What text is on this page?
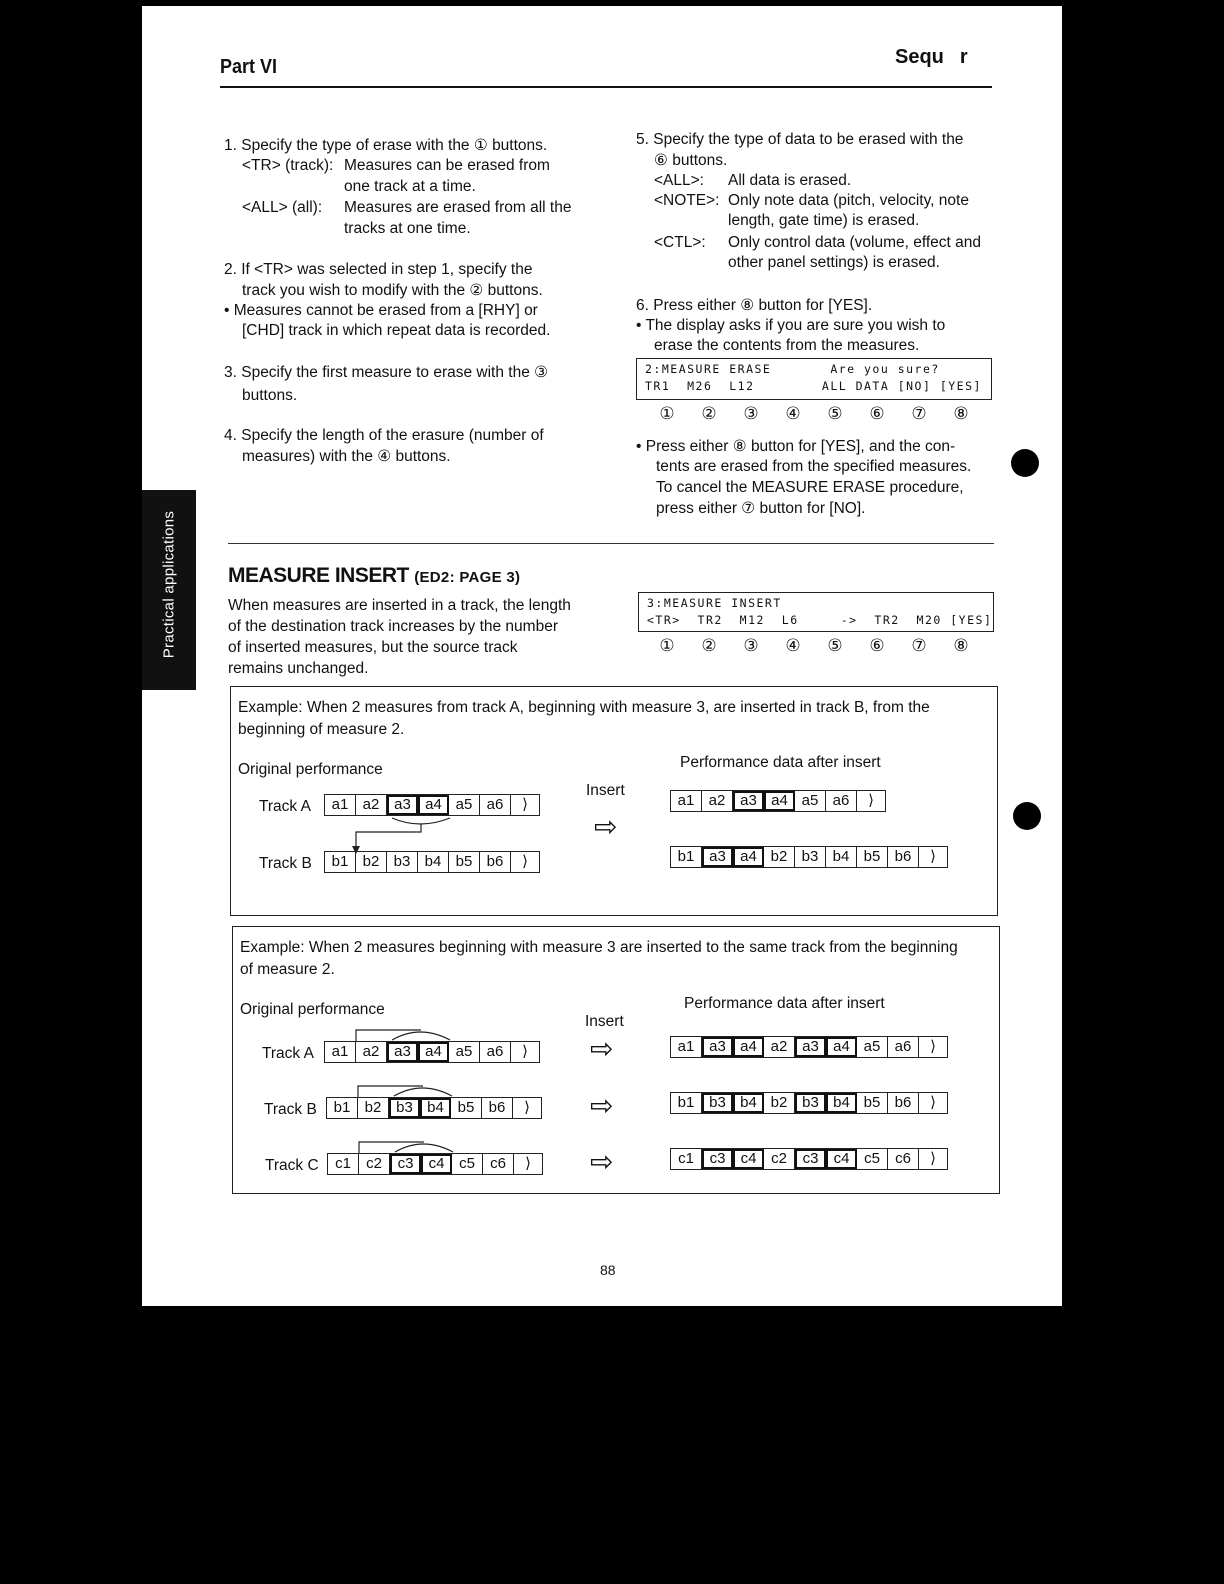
Practical applications
Part VI	Sequ r
1. Specify the type of erase with the ① buttons.
<TR> (track): Measures can be erased from
one track at a time.
<ALL> (all): Measures are erased from all the
tracks at one time.
2. If <TR> was selected in step 1, specify the
track you wish to modify with the ② buttons.
• Measures cannot be erased from a [RHY] or
[CHD] track in which repeat data is recorded.
3. Specify the first measure to erase with the ③
buttons.
4. Specify the length of the erasure (number of
measures) with the ④ buttons.
5. Specify the type of data to be erased with the
⑥ buttons.
<ALL>: All data is erased.
<NOTE>: Only note data (pitch, velocity, note
length, gate time) is erased.
<CTL>: Only control data (volume, effect and
other panel settings) is erased.
6. Press either ⑧ button for [YES].
• The display asks if you are sure you wish to
erase the contents from the measures.
2:MEASURE ERASE       Are you sure?
TR1  M26  L12        ALL DATA [NO] [YES]
①	②	③	④	⑤	⑥	⑦	⑧
• Press either ⑧ button for [YES], and the con-
tents are erased from the specified measures.
To cancel the MEASURE ERASE procedure,
press either ⑦ button for [NO].
MEASURE INSERT (ED2: PAGE 3)
When measures are inserted in a track, the length
of the destination track increases by the number
of inserted measures, but the source track
remains unchanged.
3:MEASURE INSERT
<TR>  TR2  M12  L6     ->  TR2  M20 [YES]
①	②	③	④	⑤	⑥	⑦	⑧
Example: When 2 measures from track A, beginning with measure 3, are inserted in track B, from the
beginning of measure 2.
Original performance	Performance data after insert
Insert
⇨
Track A
Track B
a1 a2 a3 a4 a5 a6	⟩
b1 b2 b3 b4 b5 b6	⟩
a1 a2 a3 a4 a5 a6	⟩
b1 a3 a4 b2 b3 b4 b5 b6	⟩
Example: When 2 measures beginning with measure 3 are inserted to the same track from the beginning
of measure 2.
Original performance	Performance data after insert
Insert
⇨
⇨
⇨
Track A
Track B
Track C
a1 a2 a3 a4 a5 a6	⟩
b1 b2 b3 b4 b5 b6	⟩
c1	c2	c3	c4 c5	c6	⟩
a1 a3 a4 a2 a3 a4 a5 a6	⟩
b1 b3 b4 b2 b3 b4 b5 b6	⟩
c1	c3	c4 c2	c3	c4 c5	c6	⟩
88
